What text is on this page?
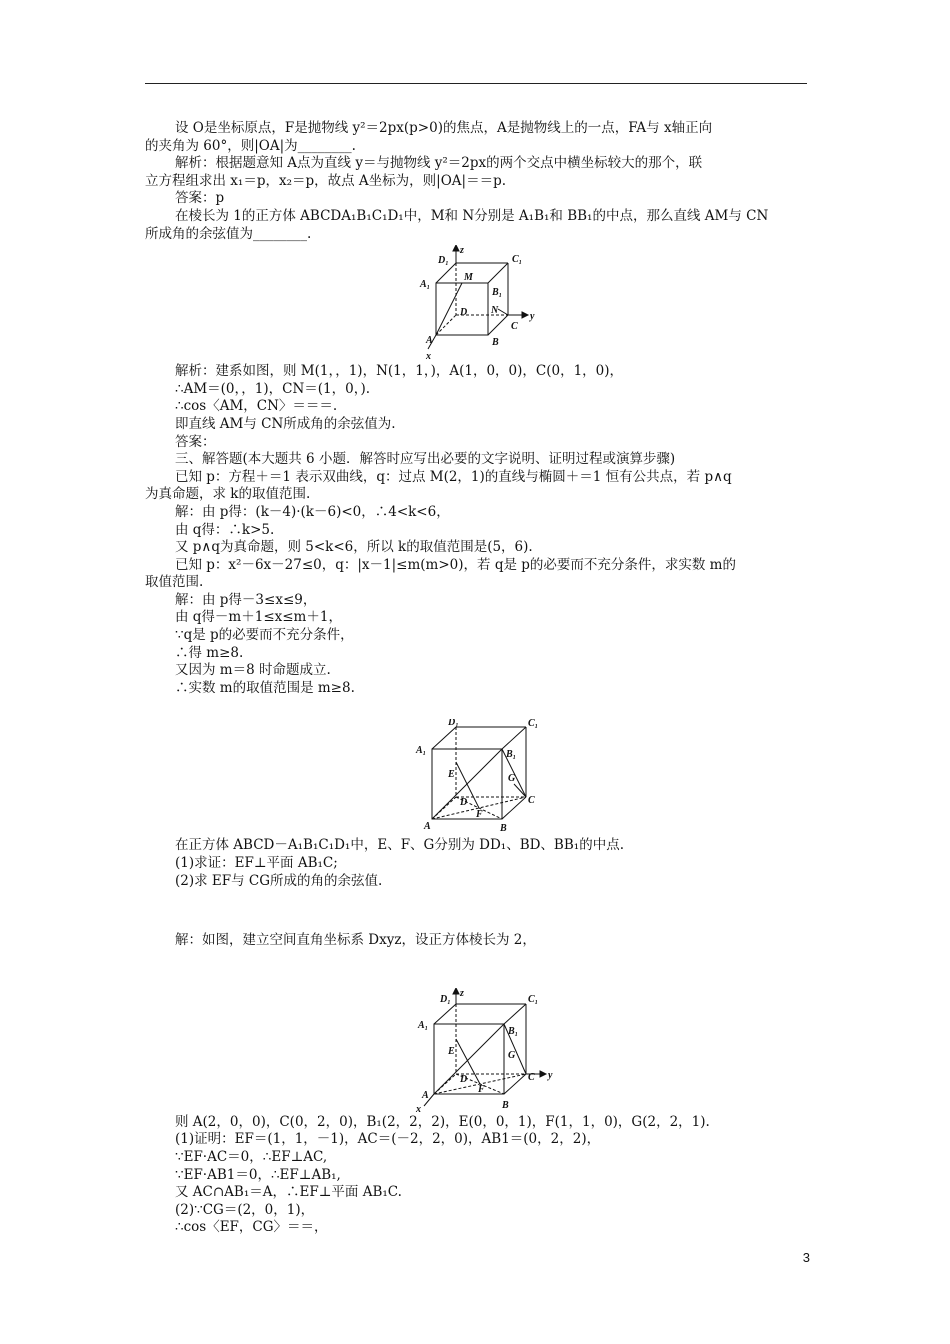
设 O是坐标原点，F是抛物线 y²＝2px(p>0)的焦点，A是抛物线上的一点，FA与 x轴正向
的夹角为 60°，则|OA|为________.
解析：根据题意知 A点为直线 y＝与抛物线 y²＝2px的两个交点中横坐标较大的那个，联
立方程组求出 x₁＝p，x₂＝p，故点 A坐标为，则|OA|＝＝p.
答案：p
在棱长为 1的正方体 ABCDA₁B₁C₁D₁中，M和 N分别是 A₁B₁和 BB₁的中点，那么直线 AM与 CN
所成角的余弦值为________.
D₁	C₁
A₁
B₁
M
D N
C
A	B
x
y
z
解析：建系如图，则 M(1，，1)，N(1，1，)，A(1，0，0)，C(0，1，0)，
∴AM＝(0，，1)，CN＝(1，0，).
∴cos〈AM，CN〉＝＝＝.
即直线 AM与 CN所成角的余弦值为.
答案：
三、解答题(本大题共 6 小题．解答时应写出必要的文字说明、证明过程或演算步骤)
已知 p：方程＋＝1 表示双曲线，q：过点 M(2，1)的直线与椭圆＋＝1 恒有公共点，若 p∧q
为真命题，求 k的取值范围.
解：由 p得：(k－4)·(k－6)<0，∴4<k<6，
由 q得：∴k>5.
又 p∧q为真命题，则 5<k<6，所以 k的取值范围是(5，6).
已知 p：x²－6x－27≤0，q：|x－1|≤m(m>0)，若 q是 p的必要而不充分条件，求实数 m的
取值范围.
解：由 p得－3≤x≤9，
由 q得－m＋1≤x≤m＋1，
∵q是 p的必要而不充分条件，
∴得 m≥8.
又因为 m＝8 时命题成立.
∴实数 m的取值范围是 m≥8.
D₁	C₁
A₁	B₁
E	G
D
F
C
A	B
在正方体 ABCD－A₁B₁C₁D₁中，E、F、G分别为 DD₁、BD、BB₁的中点.
(1)求证：EF⊥平面 AB₁C;
(2)求 EF与 CG所成的角的余弦值.
解：如图，建立空间直角坐标系 Dxyz，设正方体棱长为 2，
D₁	C₁
A₁
B₁
E	G
D
F
C
A
B
x
y
z
则 A(2，0，0)，C(0，2，0)，B₁(2，2，2)，E(0，0，1)，F(1，1，0)，G(2，2，1).
(1)证明：EF＝(1，1，－1)，AC＝(－2，2，0)，AB1＝(0，2，2)，
∵EF·AC＝0，∴EF⊥AC,
∵EF·AB1＝0，∴EF⊥AB₁,
又 AC∩AB₁＝A，∴EF⊥平面 AB₁C.
(2)∵CG＝(2，0，1)，
∴cos〈EF，CG〉＝＝，
3
